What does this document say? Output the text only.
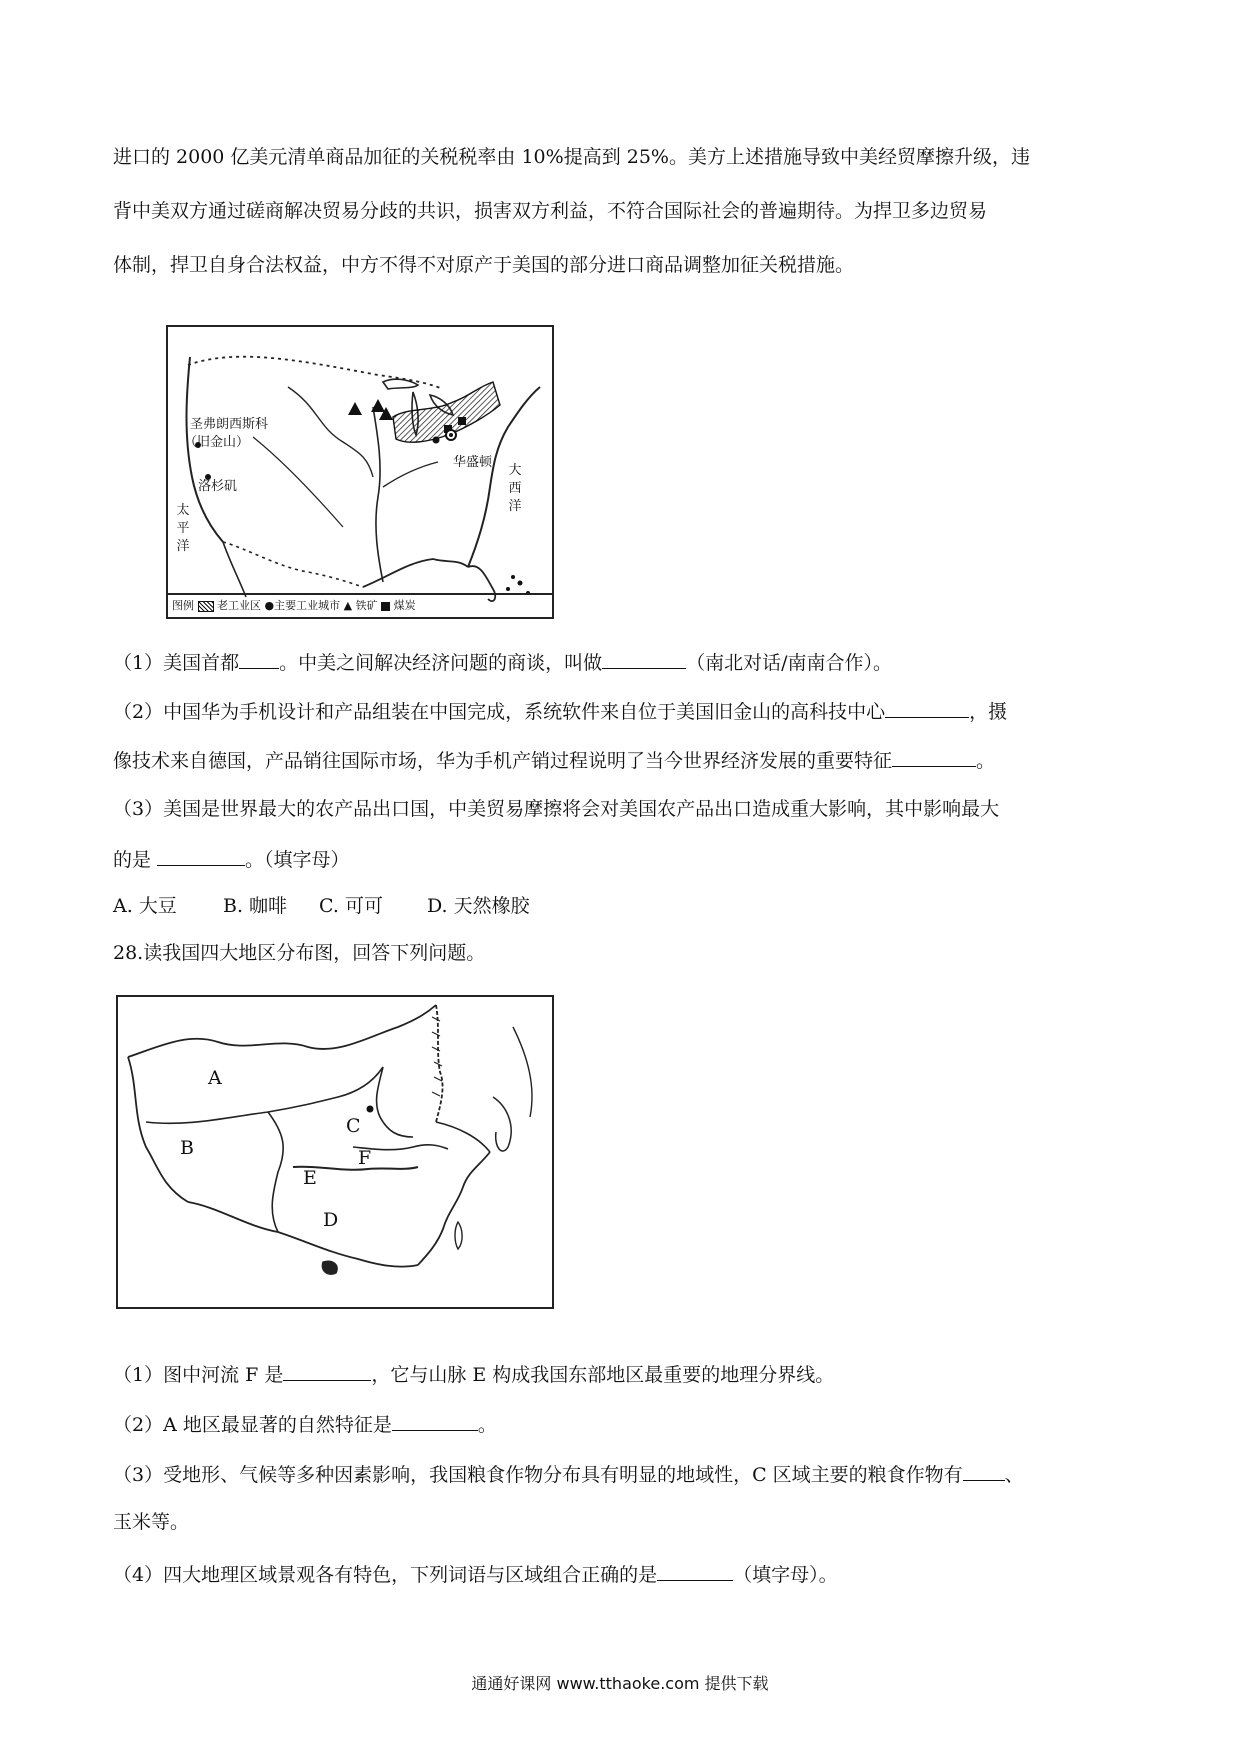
进口的 2000 亿美元清单商品加征的关税税率由 10%提高到 25%。美方上述措施导致中美经贸摩擦升级，违
背中美双方通过磋商解决贸易分歧的共识，损害双方利益，不符合国际社会的普遍期待。为捍卫多边贸易
体制，捍卫自身合法权益，中方不得不对原产于美国的部分进口商品调整加征关税措施。
圣弗朗西斯科
（旧金山）
洛杉矶
太平洋
大西洋
华盛顿
图例 老工业区 ●主要工业城市 ▲ 铁矿 煤炭
（1）美国首都 。中美之间解决经济问题的商谈，叫做	（南北对话/南南合作）。
（2）中国华为手机设计和产品组装在中国完成，系统软件来自位于美国旧金山的高科技中心	，摄
像技术来自德国，产品销往国际市场，华为手机产销过程说明了当今世界经济发展的重要特征	。
（3）美国是世界最大的农产品出口国，中美贸易摩擦将会对美国农产品出口造成重大影响，其中影响最大
的是	。（填字母）
A. 大豆 B. 咖啡 C. 可可 D. 天然橡胶
28.读我国四大地区分布图，回答下列问题。
A
B
C
D
E
F
（1）图中河流 F 是	，它与山脉 E 构成我国东部地区最重要的地理分界线。
（2）A 地区最显著的自然特征是	。
（3）受地形、气候等多种因素影响，我国粮食作物分布具有明显的地域性，C 区域主要的粮食作物有 、
玉米等。
（4）四大地理区域景观各有特色，下列词语与区域组合正确的是	（填字母）。
通通好课网 www.tthaoke.com 提供下载
